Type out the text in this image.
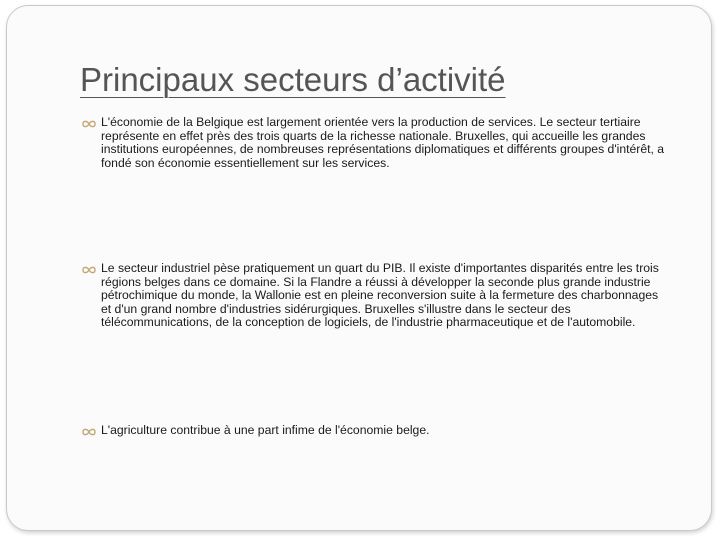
Principaux secteurs d’activité
L'économie de la Belgique est largement orientée vers la production de services. Le secteur tertiaire représente en effet près des trois quarts de la richesse nationale. Bruxelles, qui accueille les grandes institutions européennes, de nombreuses représentations diplomatiques et différents groupes d'intérêt, a fondé son économie essentiellement sur les services.
Le secteur industriel pèse pratiquement un quart du PIB. Il existe d'importantes disparités entre les trois régions belges dans ce domaine. Si la Flandre a réussi à développer la seconde plus grande industrie pétrochimique du monde, la Wallonie est en pleine reconversion suite à la fermeture des charbonnages et d'un grand nombre d'industries sidérurgiques. Bruxelles s'illustre dans le secteur des télécommunications, de la conception de logiciels, de l'industrie pharmaceutique et de l'automobile.
L'agriculture contribue à une part infime de l'économie belge.
